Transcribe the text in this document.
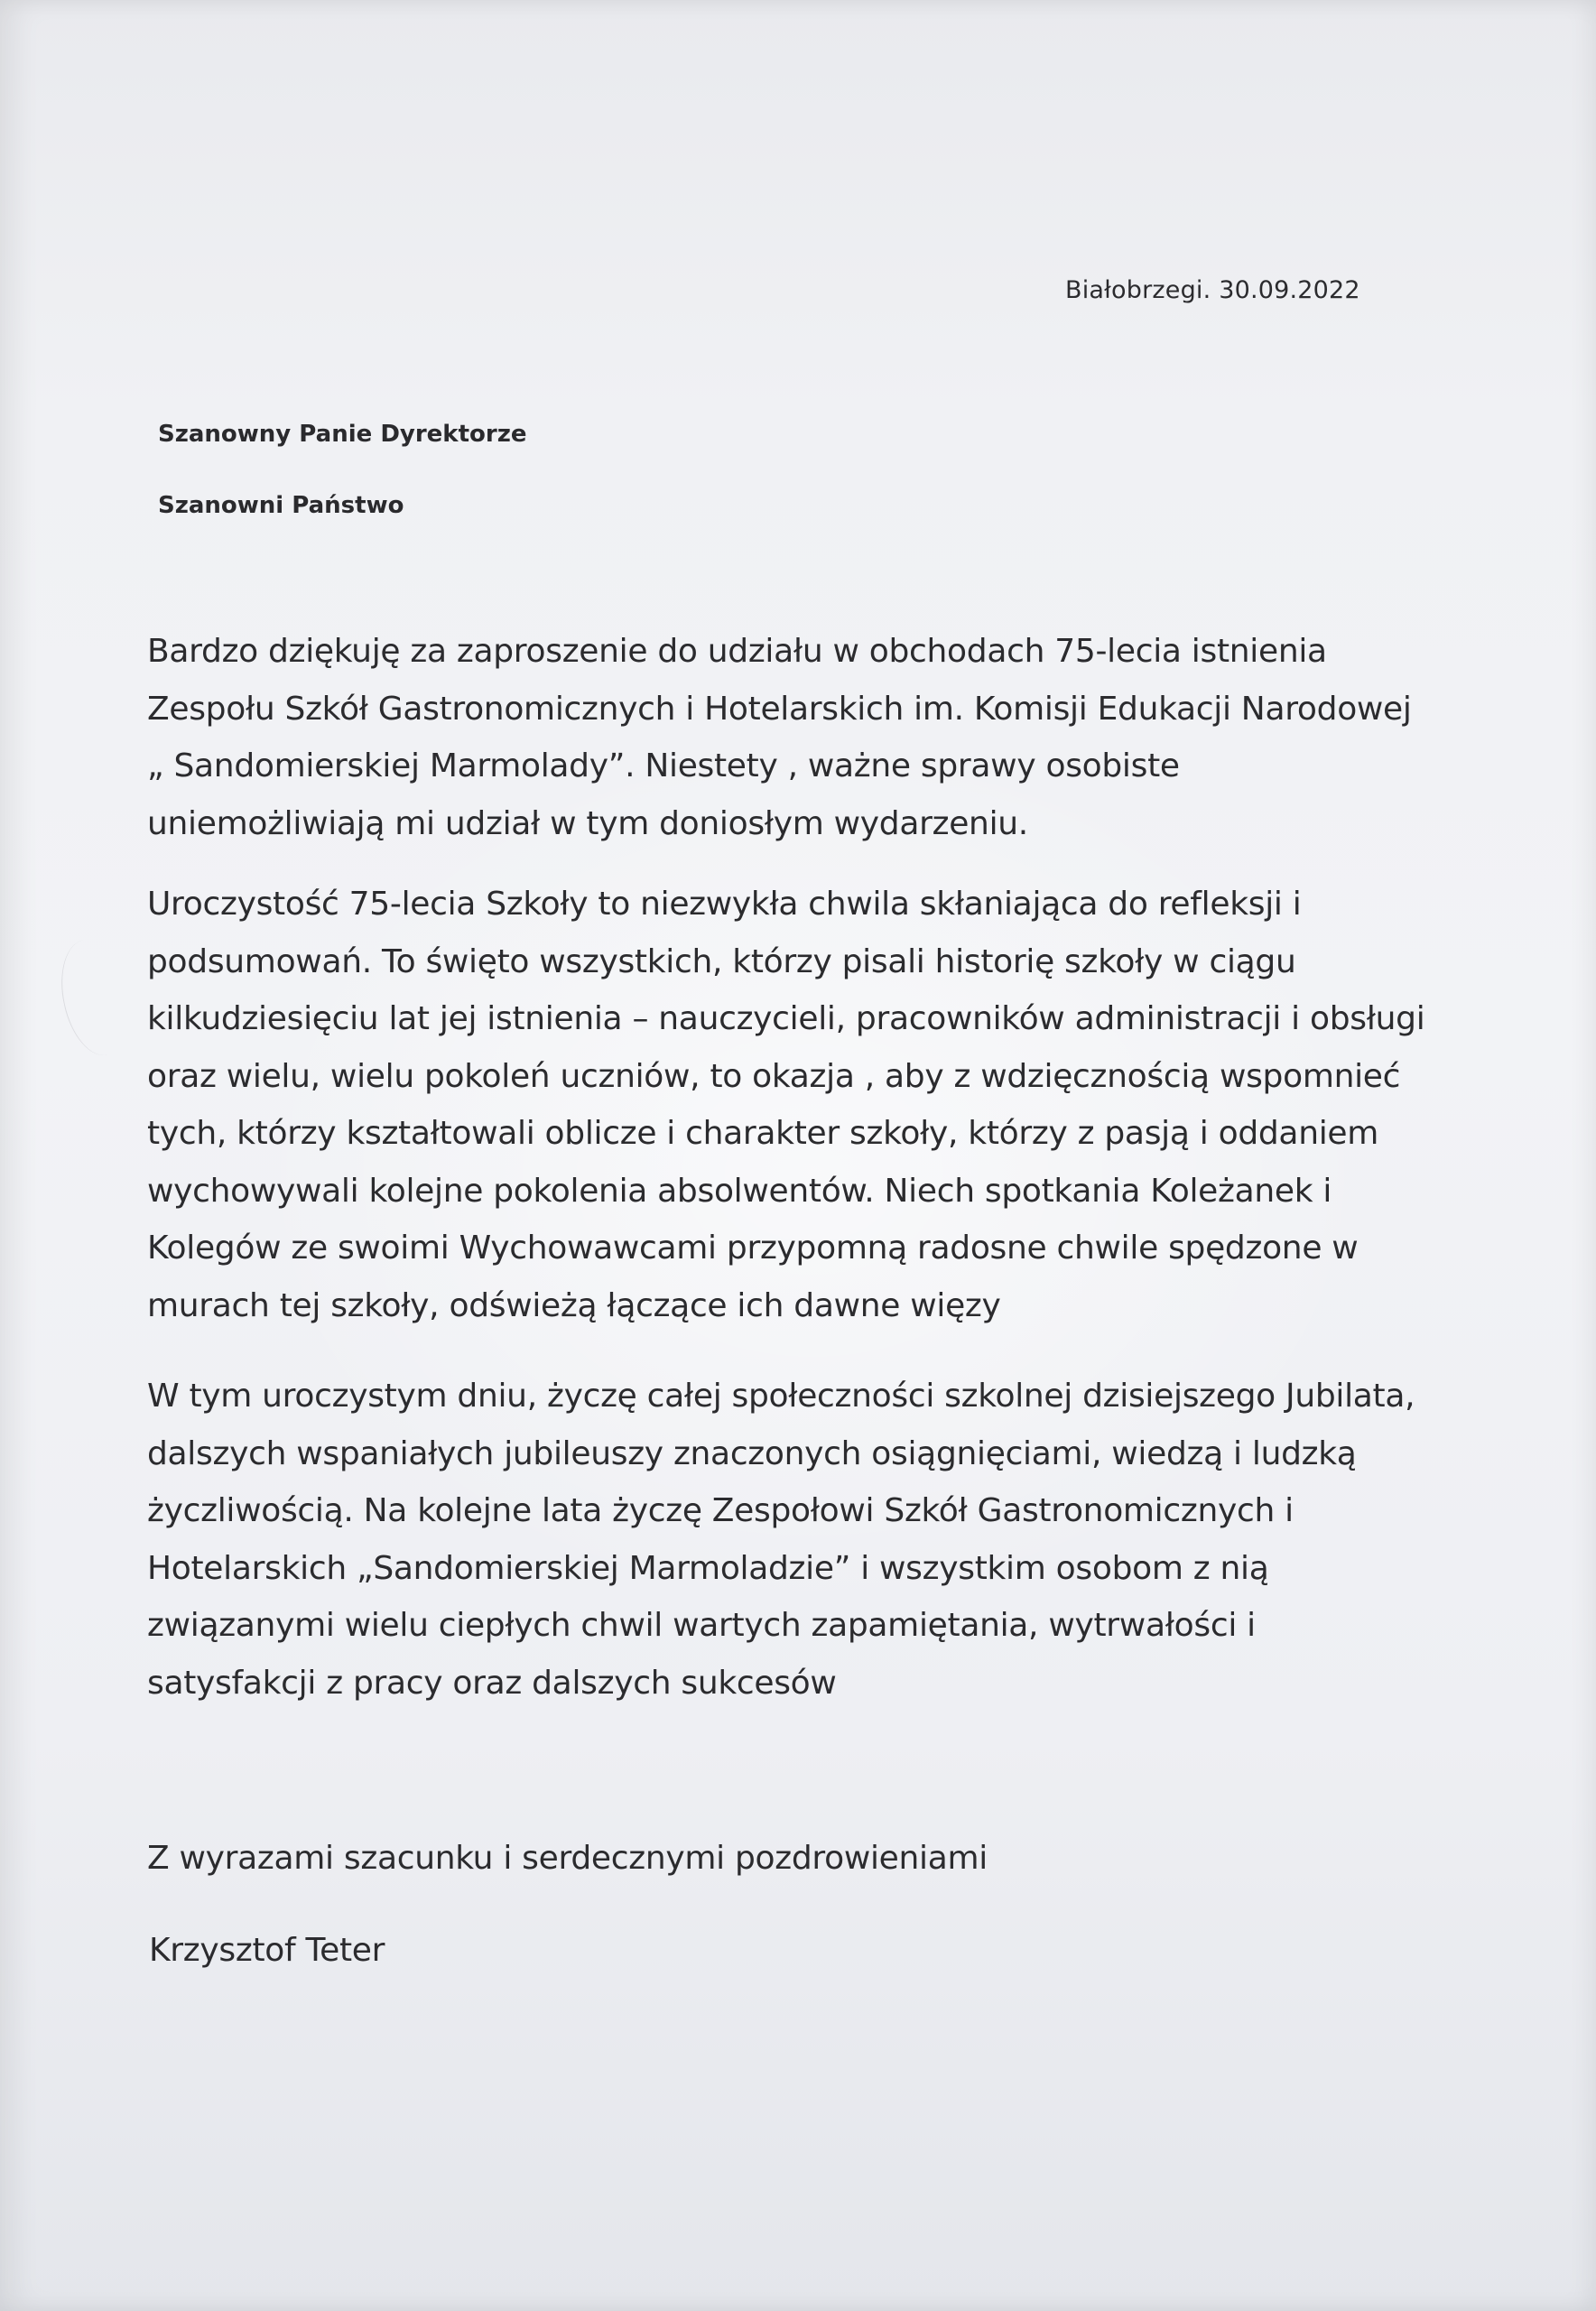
Białobrzegi. 30.09.2022

Szanowny Panie Dyrektorze

Szanowni Państwo

Bardzo dziękuję za zaproszenie do udziału w obchodach 75-lecia istnienia
Zespołu Szkół Gastronomicznych i Hotelarskich im. Komisji Edukacji Narodowej
„ Sandomierskiej Marmolady”. Niestety , ważne sprawy osobiste
uniemożliwiają mi udział w tym doniosłym wydarzeniu.
Uroczystość 75-lecia Szkoły to niezwykła chwila skłaniająca do refleksji i
podsumowań. To święto wszystkich, którzy pisali historię szkoły w ciągu
kilkudziesięciu lat jej istnienia – nauczycieli, pracowników administracji i obsługi
oraz wielu, wielu pokoleń uczniów, to okazja , aby z wdzięcznością wspomnieć
tych, którzy kształtowali oblicze i charakter szkoły, którzy z pasją i oddaniem
wychowywali kolejne pokolenia absolwentów. Niech spotkania Koleżanek i
Kolegów ze swoimi Wychowawcami przypomną radosne chwile spędzone w
murach tej szkoły, odświeżą łączące ich dawne więzy
W tym uroczystym dniu, życzę całej społeczności szkolnej dzisiejszego Jubilata,
dalszych wspaniałych jubileuszy znaczonych osiągnięciami, wiedzą i ludzką
życzliwością. Na kolejne lata życzę Zespołowi Szkół Gastronomicznych i
Hotelarskich „Sandomierskiej Marmoladzie” i wszystkim osobom z nią
związanymi wielu ciepłych chwil wartych zapamiętania, wytrwałości i
satysfakcji z pracy oraz dalszych sukcesów

Z wyrazami szacunku i serdecznymi pozdrowieniami

Krzysztof Teter
